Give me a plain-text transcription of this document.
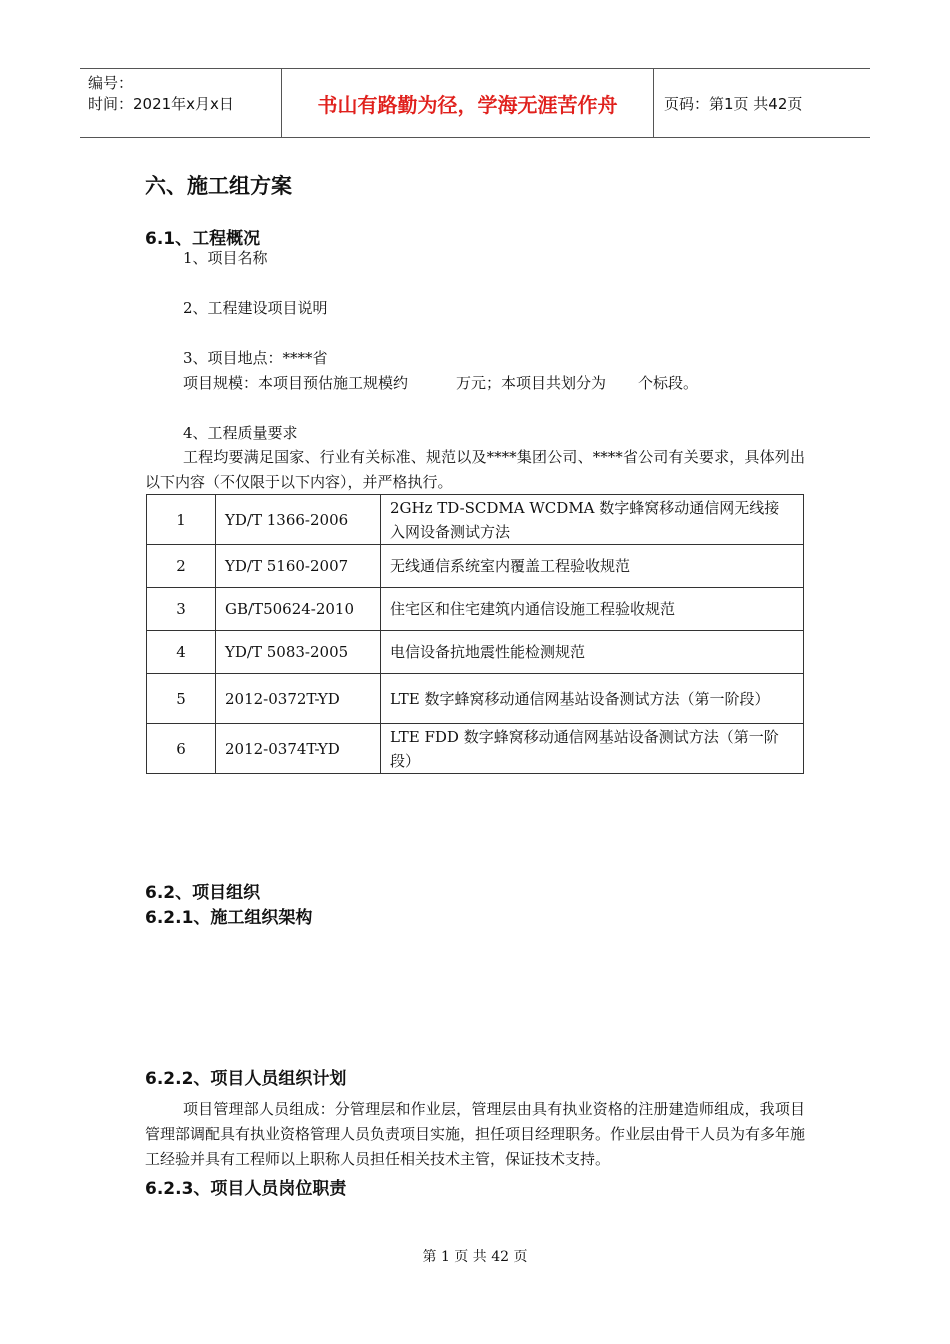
编号：
时间：2021年x月x日	书山有路勤为径，学海无涯苦作舟	页码：第1页 共42页
六、施工组方案
6.1、工程概况
1、项目名称
2、工程建设项目说明
3、项目地点：****省
项目规模：本项目预估施工规模约	万元；本项目共划分为 个标段。
4、工程质量要求
工程均要满足国家、行业有关标准、规范以及****集团公司、****省公司有关要求，具体列出以下内容（不仅限于以下内容），并严格执行。
1	YD/T 1366-2006	2GHz TD-SCDMA WCDMA 数字蜂窝移动通信网无线接入网设备测试方法
2	YD/T 5160-2007	无线通信系统室内覆盖工程验收规范
3	GB/T50624-2010	住宅区和住宅建筑内通信设施工程验收规范
4	YD/T 5083-2005	电信设备抗地震性能检测规范
5	2012-0372T-YD	LTE 数字蜂窝移动通信网基站设备测试方法（第一阶段）
6	2012-0374T-YD	LTE FDD 数字蜂窝移动通信网基站设备测试方法（第一阶段）
6.2、项目组织
6.2.1、施工组织架构
6.2.2、项目人员组织计划
项目管理部人员组成：分管理层和作业层，管理层由具有执业资格的注册建造师组成，我项目管理部调配具有执业资格管理人员负责项目实施，担任项目经理职务。作业层由骨干人员为有多年施工经验并具有工程师以上职称人员担任相关技术主管，保证技术支持。
6.2.3、项目人员岗位职责
第 1 页 共 42 页
